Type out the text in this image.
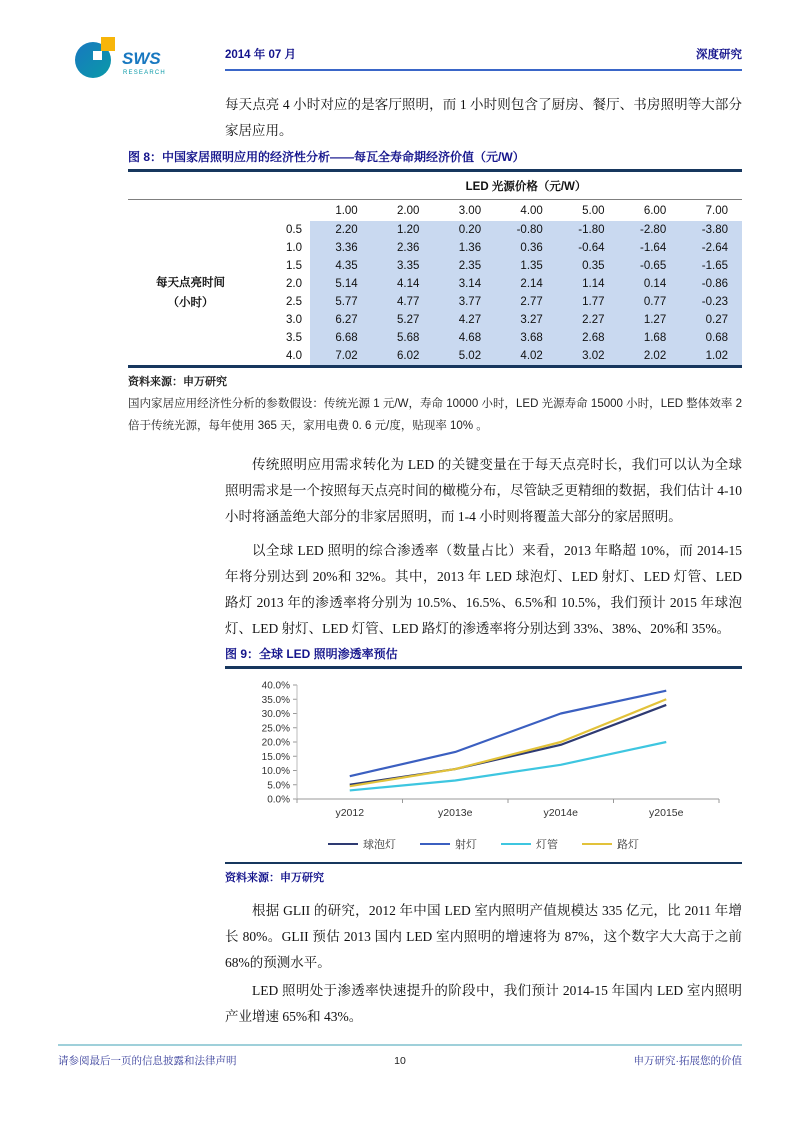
SWS
RESEARCH
2014 年 07 月	深度研究

每天点亮 4 小时对应的是客厅照明，而 1 小时则包含了厨房、餐厅、书房照明等大部分家居应用。

图 8：中国家居照明应用的经济性分析——每瓦全寿命期经济价值（元/W）
		LED 光源价格（元/W）						
		1.00	2.00	3.00	4.00	5.00	6.00	7.00

每天点亮时间
（小时）	0.5	2.20	1.20	0.20	-0.80	-1.80	-2.80	-3.80
	1.0	3.36	2.36	1.36	0.36	-0.64	-1.64	-2.64
	1.5	4.35	3.35	2.35	1.35	0.35	-0.65	-1.65
	2.0	5.14	4.14	3.14	2.14	1.14	0.14	-0.86
	2.5	5.77	4.77	3.77	2.77	1.77	0.77	-0.23
	3.0	6.27	5.27	4.27	3.27	2.27	1.27	0.27
	3.5	6.68	5.68	4.68	3.68	2.68	1.68	0.68
	4.0	7.02	6.02	5.02	4.02	3.02	2.02	1.02
资料来源：申万研究
国内家居应用经济性分析的参数假设：传统光源 1 元/W，寿命 10000 小时，LED 光源寿命 15000 小时，LED 整体效率 2 倍于传统光源，每年使用 365 天，家用电费 0. 6 元/度，贴现率 10% 。

传统照明应用需求转化为 LED 的关键变量在于每天点亮时长，我们可以认为全球照明需求是一个按照每天点亮时间的橄榄分布，尽管缺乏更精细的数据，我们估计 4-10 小时将涵盖绝大部分的非家居照明，而 1-4 小时则将覆盖大部分的家居照明。

以全球 LED 照明的综合渗透率（数量占比）来看，2013 年略超 10%，而 2014-15 年将分别达到 20%和 32%。其中，2013 年 LED 球泡灯、LED 射灯、LED 灯管、LED 路灯 2013 年的渗透率将分别为 10.5%、16.5%、6.5%和 10.5%，我们预计 2015 年球泡灯、LED 射灯、LED 灯管、LED 路灯的渗透率将分别达到 33%、38%、20%和 35%。

图 9：全球 LED 照明渗透率预估
0.0%
5.0%
10.0%
15.0%
20.0%
25.0%
30.0%
35.0%
40.0%
y2012	y2013e	y2014e	y2015e
球泡灯	射灯	灯管	路灯
资料来源：申万研究

根据 GLII 的研究，2012 年中国 LED 室内照明产值规模达 335 亿元，比 2011 年增长 80%。GLII 预估 2013 国内 LED 室内照明的增速将为 87%，这个数字大大高于之前 68%的预测水平。

LED 照明处于渗透率快速提升的阶段中，我们预计 2014-15 年国内 LED 室内照明产业增速 65%和 43%。

请参阅最后一页的信息披露和法律声明	10	申万研究·拓展您的价值
